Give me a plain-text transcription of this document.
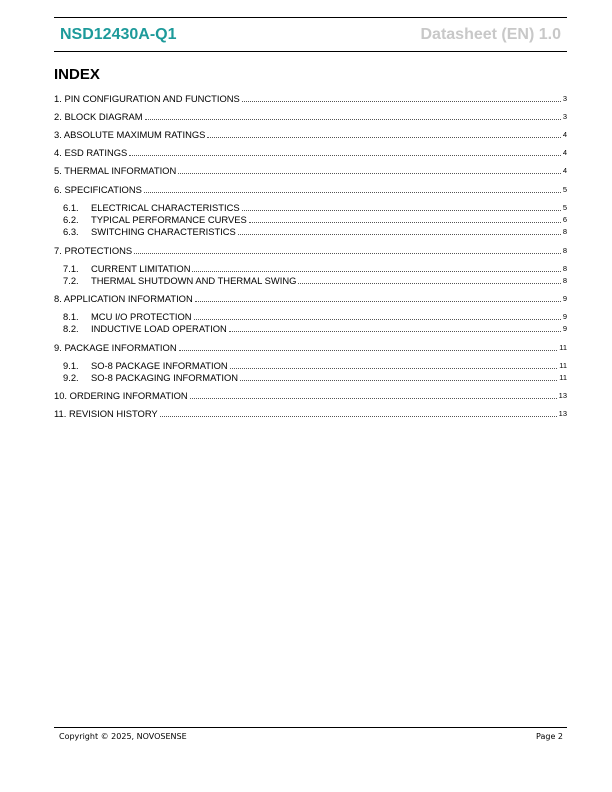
NSD12430A-Q1	Datasheet (EN) 1.0
INDEX
1. PIN CONFIGURATION AND FUNCTIONS	3
2. BLOCK DIAGRAM	3
3. ABSOLUTE MAXIMUM RATINGS	4
4. ESD RATINGS	4
5. THERMAL INFORMATION	4
6. SPECIFICATIONS	5
6.1. ELECTRICAL CHARACTERISTICS	5
6.2. TYPICAL PERFORMANCE CURVES	6
6.3. SWITCHING CHARACTERISTICS	8
7. PROTECTIONS	8
7.1. CURRENT LIMITATION	8
7.2. THERMAL SHUTDOWN AND THERMAL SWING	8
8. APPLICATION INFORMATION	9
8.1. MCU I/O PROTECTION	9
8.2. INDUCTIVE LOAD OPERATION	9
9. PACKAGE INFORMATION	11
9.1. SO-8 PACKAGE INFORMATION	11
9.2. SO-8 PACKAGING INFORMATION	11
10. ORDERING INFORMATION	13
11. REVISION HISTORY	13
Copyright © 2025, NOVOSENSE	Page 2
